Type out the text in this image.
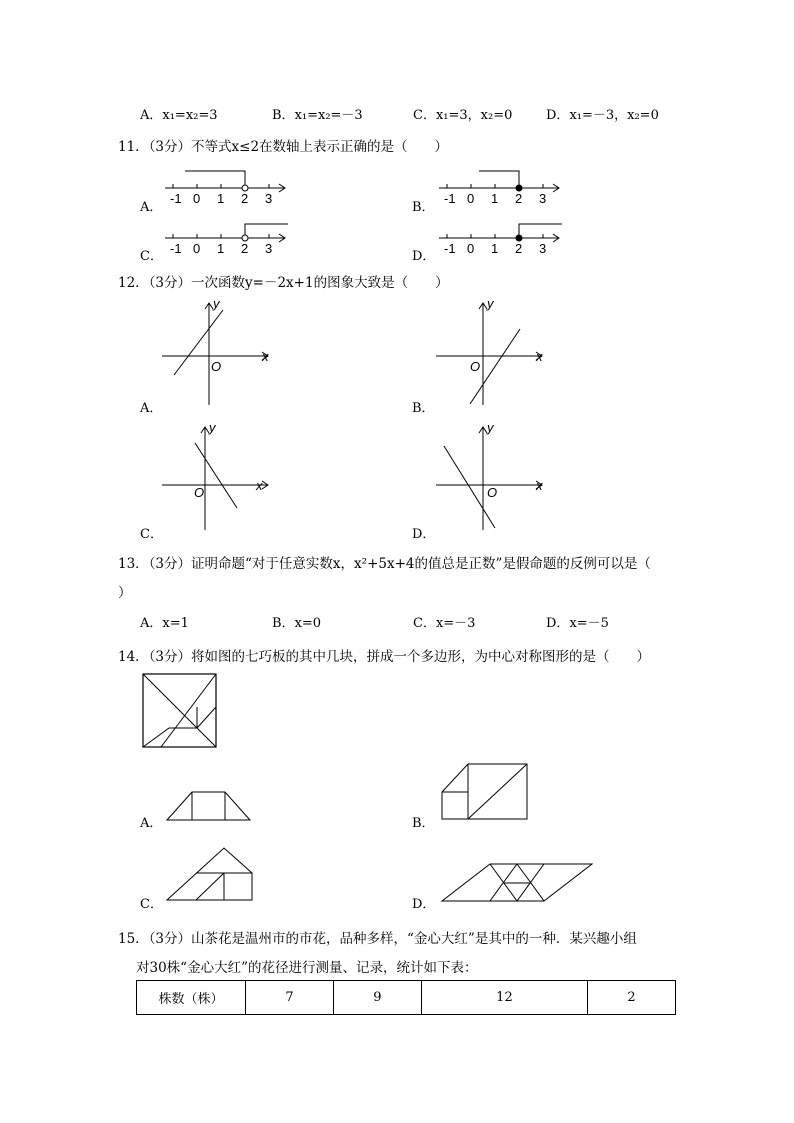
A．x₁=x₂=3	B．x₁=x₂=－3	C．x₁=3，x₂=0	D．x₁=－3，x₂=0
11．（3分）不等式x≤2在数轴上表示正确的是（　　）
A．	B．
C．	D．
-1 0 1 2 3	-1 0 1 2 3
-1 0 1 2 3	-1 0 1 2 3
12．（3分）一次函数y=－2x+1的图象大致是（　　）
A．	B．
C．	D．
x
y
O
x
y
O
x
y
O	x
y
O
13．（3分）证明命题“对于任意实数x，x²+5x+4的值总是正数”是假命题的反例可以是（
）
A．x=1	B．x=0	C．x=－3	D．x=－5
14．（3分）将如图的七巧板的其中几块，拼成一个多边形，为中心对称图形的是（　　）
A．	B．
C．	D．
15．（3分）山茶花是温州市的市花，品种多样，“金心大红”是其中的一种．某兴趣小组
对30株“金心大红”的花径进行测量、记录，统计如下表：
株数（株）	7	9	12	2
